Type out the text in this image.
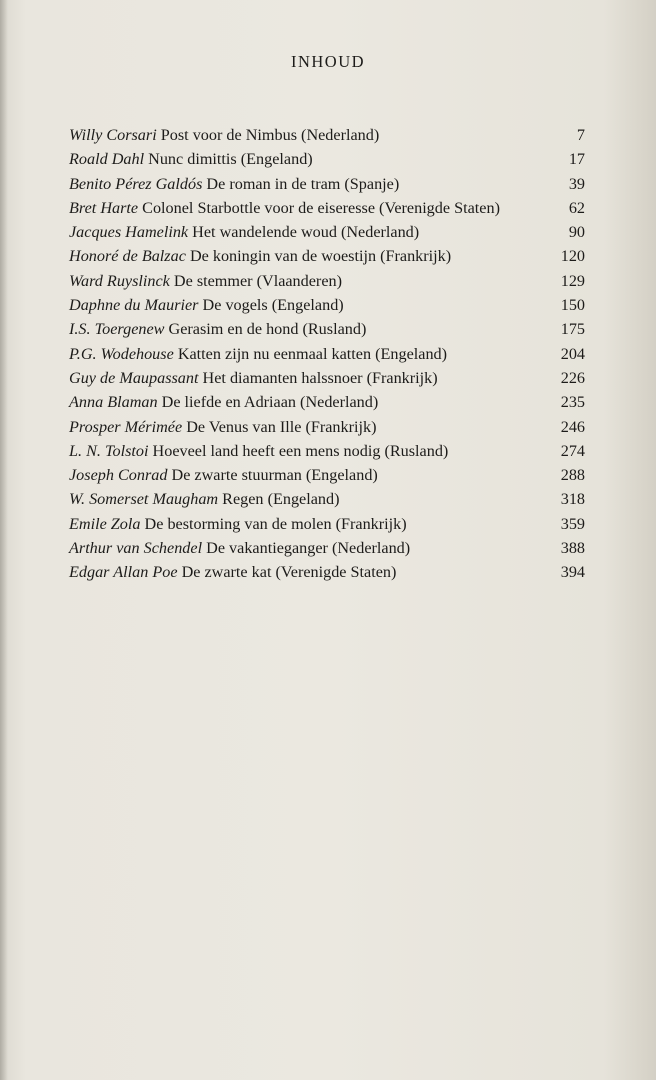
INHOUD
Willy Corsari Post voor de Nimbus (Nederland)	7
Roald Dahl Nunc dimittis (Engeland)	17
Benito Pérez Galdós De roman in de tram (Spanje)	39
Bret Harte Colonel Starbottle voor de eiseresse (Verenigde Staten)	62
Jacques Hamelink Het wandelende woud (Nederland)	90
Honoré de Balzac De koningin van de woestijn (Frankrijk)	120
Ward Ruyslinck De stemmer (Vlaanderen)	129
Daphne du Maurier De vogels (Engeland)	150
I.S. Toergenew Gerasim en de hond (Rusland)	175
P.G. Wodehouse Katten zijn nu eenmaal katten (Engeland)	204
Guy de Maupassant Het diamanten halssnoer (Frankrijk)	226
Anna Blaman De liefde en Adriaan (Nederland)	235
Prosper Mérimée De Venus van Ille (Frankrijk)	246
L. N. Tolstoi Hoeveel land heeft een mens nodig (Rusland)	274
Joseph Conrad De zwarte stuurman (Engeland)	288
W. Somerset Maugham Regen (Engeland)	318
Emile Zola De bestorming van de molen (Frankrijk)	359
Arthur van Schendel De vakantieganger (Nederland)	388
Edgar Allan Poe De zwarte kat (Verenigde Staten)	394
